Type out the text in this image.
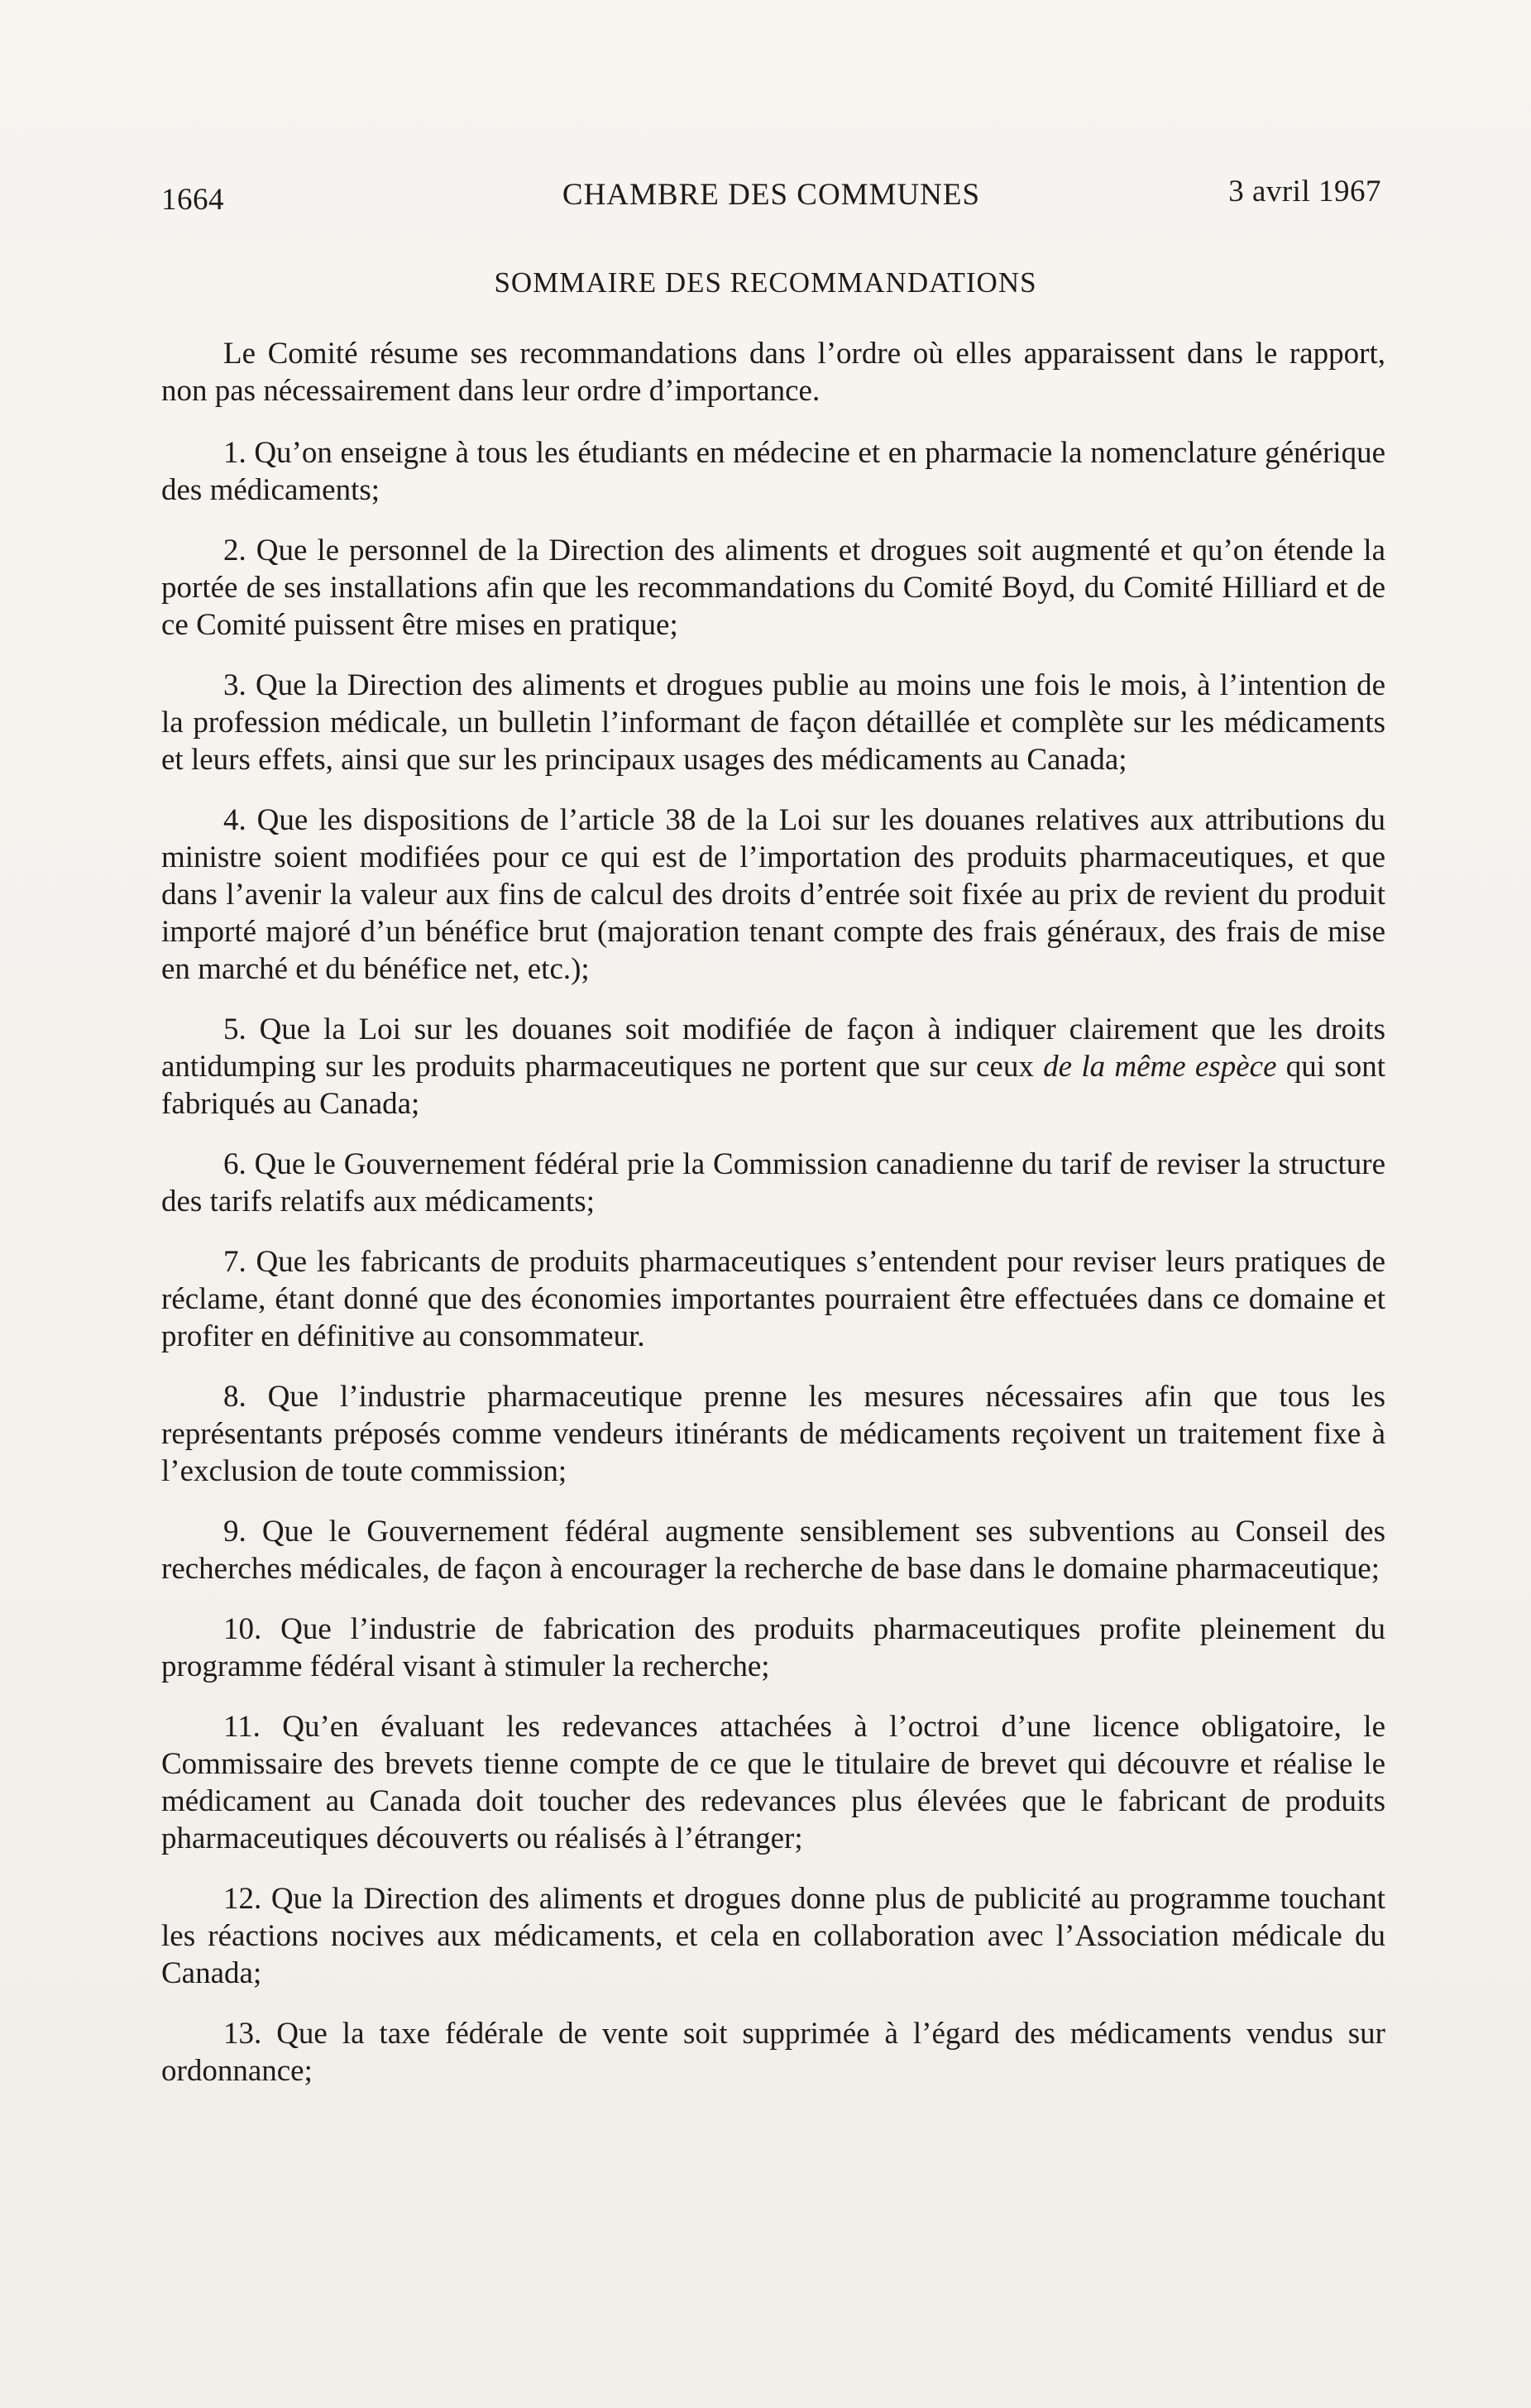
1664	CHAMBRE DES COMMUNES	3 avril 1967
SOMMAIRE DES RECOMMANDATIONS

Le Comité résume ses recommandations dans l’ordre où elles apparaissent dans le rapport, non pas nécessairement dans leur ordre d’importance.

1. Qu’on enseigne à tous les étudiants en médecine et en pharmacie la nomenclature générique des médicaments;

2. Que le personnel de la Direction des aliments et drogues soit augmenté et qu’on étende la portée de ses installations afin que les recommandations du Comité Boyd, du Comité Hilliard et de ce Comité puissent être mises en pratique;

3. Que la Direction des aliments et drogues publie au moins une fois le mois, à l’intention de la profession médicale, un bulletin l’informant de façon détaillée et complète sur les médicaments et leurs effets, ainsi que sur les principaux usages des médicaments au Canada;

4. Que les dispositions de l’article 38 de la Loi sur les douanes relatives aux attributions du ministre soient modifiées pour ce qui est de l’importation des produits pharmaceutiques, et que dans l’avenir la valeur aux fins de calcul des droits d’entrée soit fixée au prix de revient du produit importé majoré d’un bénéfice brut (majoration tenant compte des frais généraux, des frais de mise en marché et du bénéfice net, etc.);

5. Que la Loi sur les douanes soit modifiée de façon à indiquer clairement que les droits antidumping sur les produits pharmaceutiques ne portent que sur ceux de la même espèce qui sont fabriqués au Canada;

6. Que le Gouvernement fédéral prie la Commission canadienne du tarif de reviser la structure des tarifs relatifs aux médicaments;

7. Que les fabricants de produits pharmaceutiques s’entendent pour reviser leurs pratiques de réclame, étant donné que des économies importantes pourraient être effectuées dans ce domaine et profiter en définitive au consommateur.

8. Que l’industrie pharmaceutique prenne les mesures nécessaires afin que tous les représentants préposés comme vendeurs itinérants de médicaments reçoivent un traitement fixe à l’exclusion de toute commission;

9. Que le Gouvernement fédéral augmente sensiblement ses subventions au Conseil des recherches médicales, de façon à encourager la recherche de base dans le domaine pharmaceutique;

10. Que l’industrie de fabrication des produits pharmaceutiques profite pleinement du programme fédéral visant à stimuler la recherche;

11. Qu’en évaluant les redevances attachées à l’octroi d’une licence obligatoire, le Commissaire des brevets tienne compte de ce que le titulaire de brevet qui découvre et réalise le médicament au Canada doit toucher des redevances plus élevées que le fabricant de produits pharmaceutiques découverts ou réalisés à l’étranger;

12. Que la Direction des aliments et drogues donne plus de publicité au programme touchant les réactions nocives aux médicaments, et cela en collaboration avec l’Association médicale du Canada;

13. Que la taxe fédérale de vente soit supprimée à l’égard des médicaments vendus sur ordonnance;
